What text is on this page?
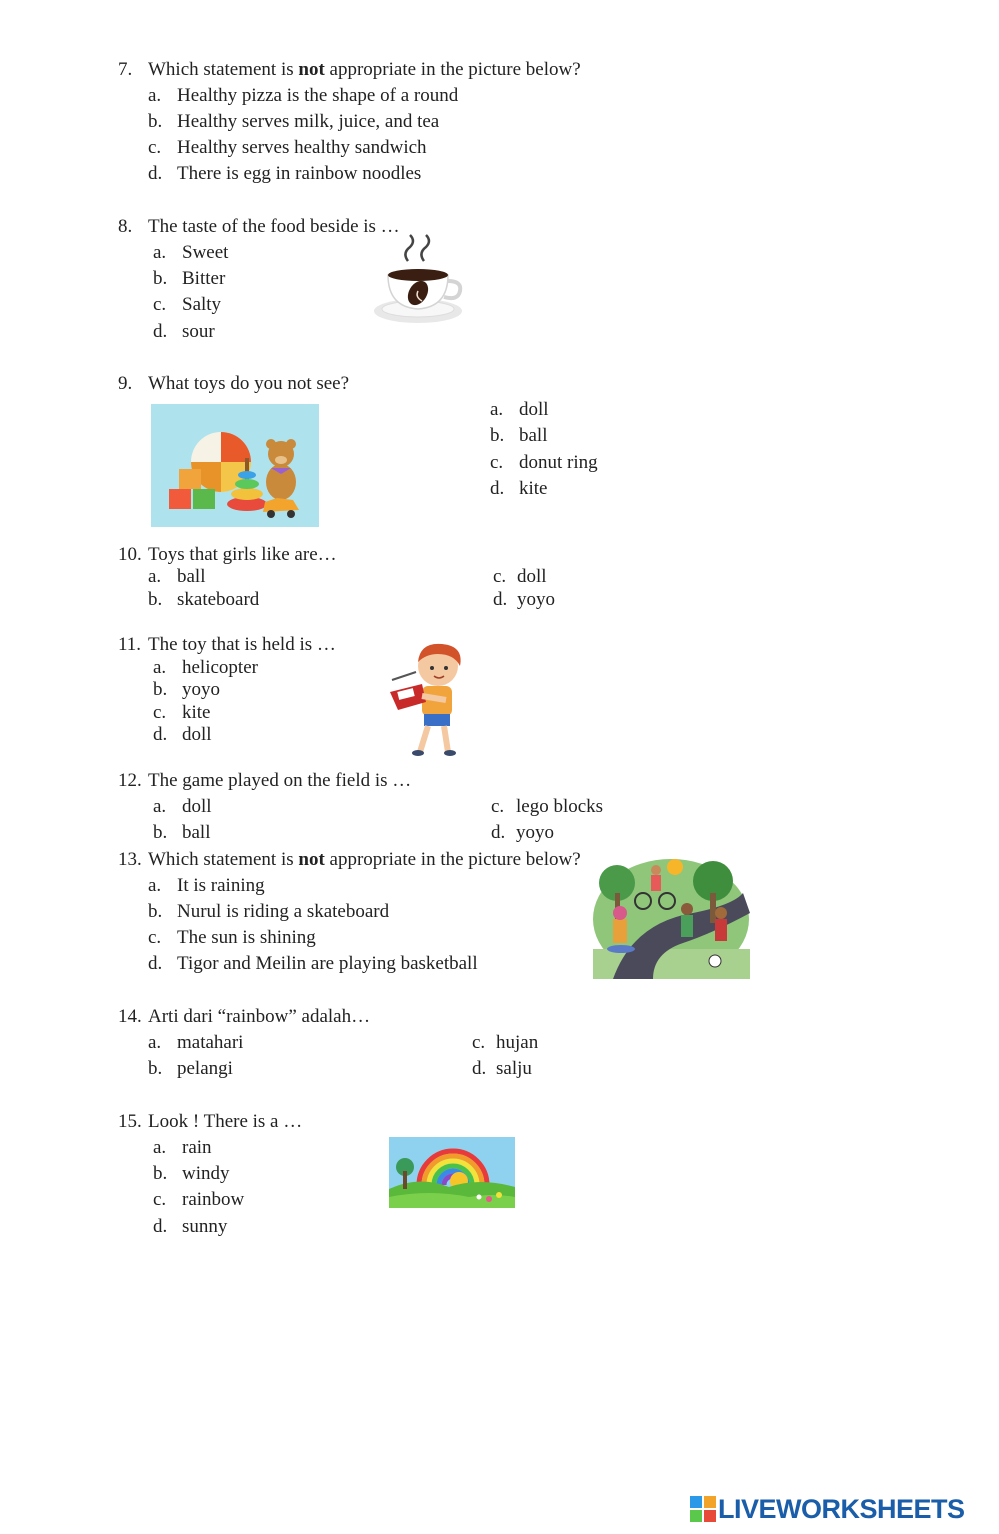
7. Which statement is not appropriate in the picture below?
a. Healthy pizza is the shape of a round
b. Healthy serves milk, juice, and tea
c. Healthy serves healthy sandwich
d. There is egg in rainbow noodles
8. The taste of the food beside is …
a. Sweet
b. Bitter
c. Salty
d. sour
9. What toys do you not see?
a. doll
b. ball
c. donut ring
d. kite
10. Toys that girls like are…
a. ball
b. skateboard
c. doll
d. yoyo
11. The toy that is held is …
a. helicopter
b. yoyo
c. kite
d. doll
12. The game played on the field is …
a. doll
b. ball
c. lego blocks
d. yoyo
13. Which statement is not appropriate in the picture below?
a. It is raining
b. Nurul is riding a skateboard
c. The sun is shining
d. Tigor and Meilin are playing basketball
14. Arti dari “rainbow” adalah…
a. matahari
b. pelangi
c. hujan
d. salju
15. Look ! There is a …
a. rain
b. windy
c. rainbow
d. sunny
LIVEWORKSHEETS
